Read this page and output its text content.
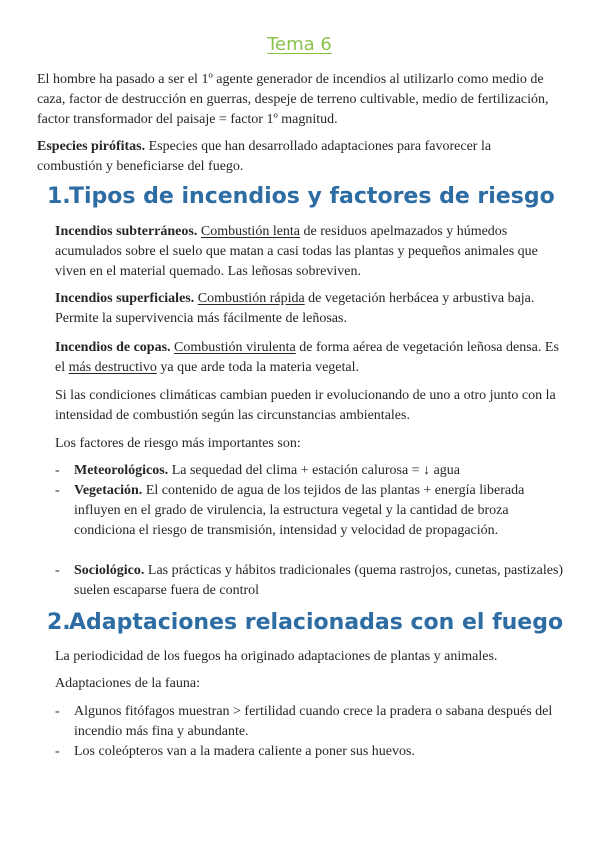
Tema 6

El hombre ha pasado a ser el 1º agente generador de incendios al utilizarlo como medio de caza, factor de destrucción en guerras, despeje de terreno cultivable, medio de fertilización, factor transformador del paisaje = factor 1º magnitud.

Especies pirófitas. Especies que han desarrollado adaptaciones para favorecer la combustión y beneficiarse del fuego.

1.Tipos de incendios y factores de riesgo

Incendios subterráneos. Combustión lenta de residuos apelmazados y húmedos acumulados sobre el suelo que matan a casi todas las plantas y pequeños animales que viven en el material quemado. Las leñosas sobreviven.

Incendios superficiales. Combustión rápida de vegetación herbácea y arbustiva baja. Permite la supervivencia más fácilmente de leñosas.

Incendios de copas. Combustión virulenta de forma aérea de vegetación leñosa densa. Es el más destructivo ya que arde toda la materia vegetal.

Si las condiciones climáticas cambian pueden ir evolucionando de uno a otro junto con la intensidad de combustión según las circunstancias ambientales.

Los factores de riesgo más importantes son:

- Meteorológicos. La sequedad del clima + estación calurosa = ↓ agua
- Vegetación. El contenido de agua de los tejidos de las plantas + energía liberada influyen en el grado de virulencia, la estructura vegetal y la cantidad de broza condiciona el riesgo de transmisión, intensidad y velocidad de propagación.
- Sociológico. Las prácticas y hábitos tradicionales (quema rastrojos, cunetas, pastizales) suelen escaparse fuera de control
2.Adaptaciones relacionadas con el fuego

La periodicidad de los fuegos ha originado adaptaciones de plantas y animales.

Adaptaciones de la fauna:

- Algunos fitófagos muestran > fertilidad cuando crece la pradera o sabana después del incendio más fina y abundante.
- Los coleópteros van a la madera caliente a poner sus huevos.
